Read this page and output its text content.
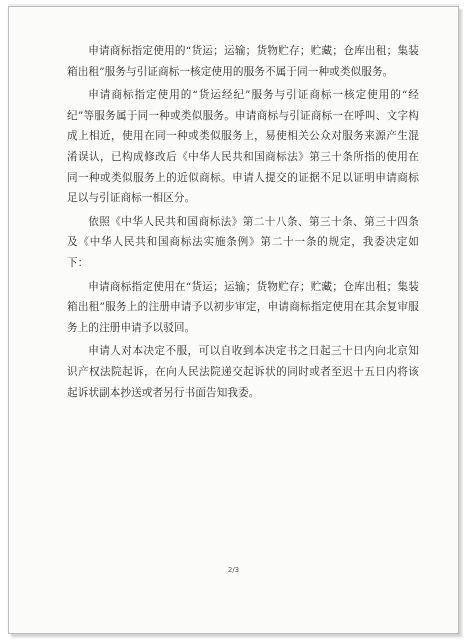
申请商标指定使用的“货运；运输；货物贮存；贮藏；仓库出租；集装箱出租”服务与引证商标一核定使用的服务不属于同一种或类似服务。

申请商标指定使用的“货运经纪”服务与引证商标一核定使用的“经纪”等服务属于同一种或类似服务。申请商标与引证商标一在呼叫、文字构成上相近，使用在同一种或类似服务上，易使相关公众对服务来源产生混淆误认，已构成修改后《中华人民共和国商标法》第三十条所指的使用在同一种或类似服务上的近似商标。申请人提交的证据不足以证明申请商标足以与引证商标一相区分。

依照《中华人民共和国商标法》第二十八条、第三十条、第三十四条及《中华人民共和国商标法实施条例》第二十一条的规定，我委决定如下：

申请商标指定使用在“货运；运输；货物贮存；贮藏；仓库出租；集装箱出租”服务上的注册申请予以初步审定，申请商标指定使用在其余复审服务上的注册申请予以驳回。

申请人对本决定不服，可以自收到本决定书之日起三十日内向北京知识产权法院起诉，在向人民法院递交起诉状的同时或者至迟十五日内将该起诉状副本抄送或者另行书面告知我委。

2/3
